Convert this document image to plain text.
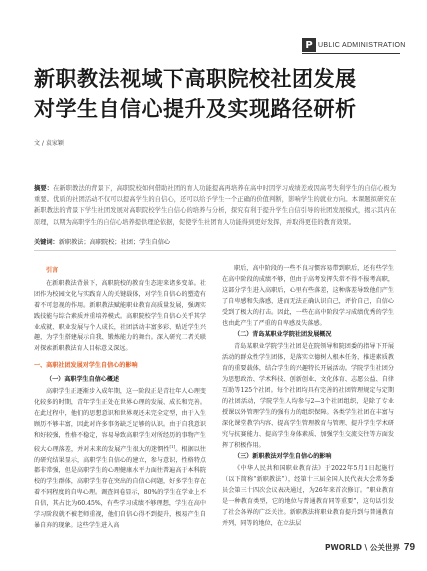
P UBLIC ADMINISTRATION
新职教法视域下高职院校社团发展
对学生自信心提升及实现路径研析
文 / 袁家颖
摘要：在新职教法的背景下，高职院校如何借助社团的育人功能提高再培养在高中时因学习成绩差或因高考失利学生的自信心极为重要。优质的社团活动不仅可以提高学生的自信心，还可以给予学生一个正确的价值判断，影响学生的就业方向。本课题拟研究在新职教法的背景下学生社团发展对高职院校学生自信心的培养与分析，探究有利于提升学生自信引导的社团发展模式，揭示其内在原理，以期为高职学生的自信心培养提供理论依据，促使学生社团育人功能得到更好发挥，并取得更佳的教育效果。
关键词：新职教法；高职院校；社团；学生自信心
引言

在新职教法背景下，高职院校的教育生态迎来诸多变革。社团作为校园文化与实践育人的关键载体，对学生自信心的塑造有着不可忽视的作用。新职教法赋能职业教育高质量发展，强调实践技能与综合素质并重培养模式。高职院校学生自信心关乎其学业成就、职业发展与个人成长，社团活动丰富多彩、贴近学生兴趣，为学生搭建展示自我、锻炼能力的舞台。深入研究二者关联对探索新职教法育人目标意义深远。

一、高职社团发展对学生自信心的影响
（一）高职学生自信心概述

高职学生正逐渐步入成年期，这一阶段正是青壮年人心理变化较多的时期，青年学生正处在世界心理的发展、成长和完善。在此过程中，他们的思想意识和世界观还未完全定型，由于入生顾历不够丰富，因此对许多事务缺乏足够的认识。由于自我意识和好较强，性格不稳定，容易导致高职学生对所经历的事物产生较大心理落差，并对未来的发展产生很大的迷惘性[1]。根据以往的研究结果显示，高职学生自信心的建立，参与意识，性格特点都非常强，但是高职学生的心理健康水平力面往普遍高于本科院校的学生群体，高职学生存在突出的自信心问题，好多学生存在着不同程度的自卑心理。调查问卷显示，80%的学生在学业上不自信，其占比为60.45%，有些学习成绩不够理想，学生在高中学习阶段就不被老师重视，他们自信心得不到提升，极易产生自暴自弃的现象。这些学生进入高

职后，高中阶段的一些不良习惯容易带到职后，还有些学生在高中阶段的成绩不够，但由于高考发挥失常不得不报考高职，这部分学生进入高职后，心里有些落差，这种落差导致他们产生了自卑感和失落感，进而无法正确认识自己，评价自己，自信心受到了极大的打击。因此，一些在高中阶段学习成绩优秀的学生也由此产生了严重的自卑感及失落感。

（二）青岛某职业学院社团发展概况

青岛某职业学院学生社团是在院领导和院团委的指导下开展活动的群众性学生团体，是落实立德树人根本任务，推进素质教育的重要载体，结合学生的兴趣特长开展活动。学院学生社团分为思想政治、学术科技、创新创业、文化体育、志愿公益、自律互助等125个社团。每个社团均具有完善的社团管理规定与定期的社团活动，学院学生人均参与2—3个社团组织，是除了专业授课以外管理学生的强有力的组织保障。各类学生社团在丰富与深化课堂教学内容、提高学生管理教育与管理、提升学生学术研究与抗赛能力、提高学生身体素质、加强学生交流交往等方面发挥了积极作用。

（三）新职教法对学生自信心的影响

《中华人民共和国职业教育法》于2022年5月1日起施行（以下简称“新职教法”），经第十三届全国人民代表大会常务委员会第三十四次会议表决通过，为26年来首次修订。“职业教育是一种教育类型，它的地位与普通教育同等重要”，这句话引发了社会各界的广泛关注。新职教法将职业教育提升到与普通教育并列，同等的地位，在立法层

PWORLD \ 公关世界 79
